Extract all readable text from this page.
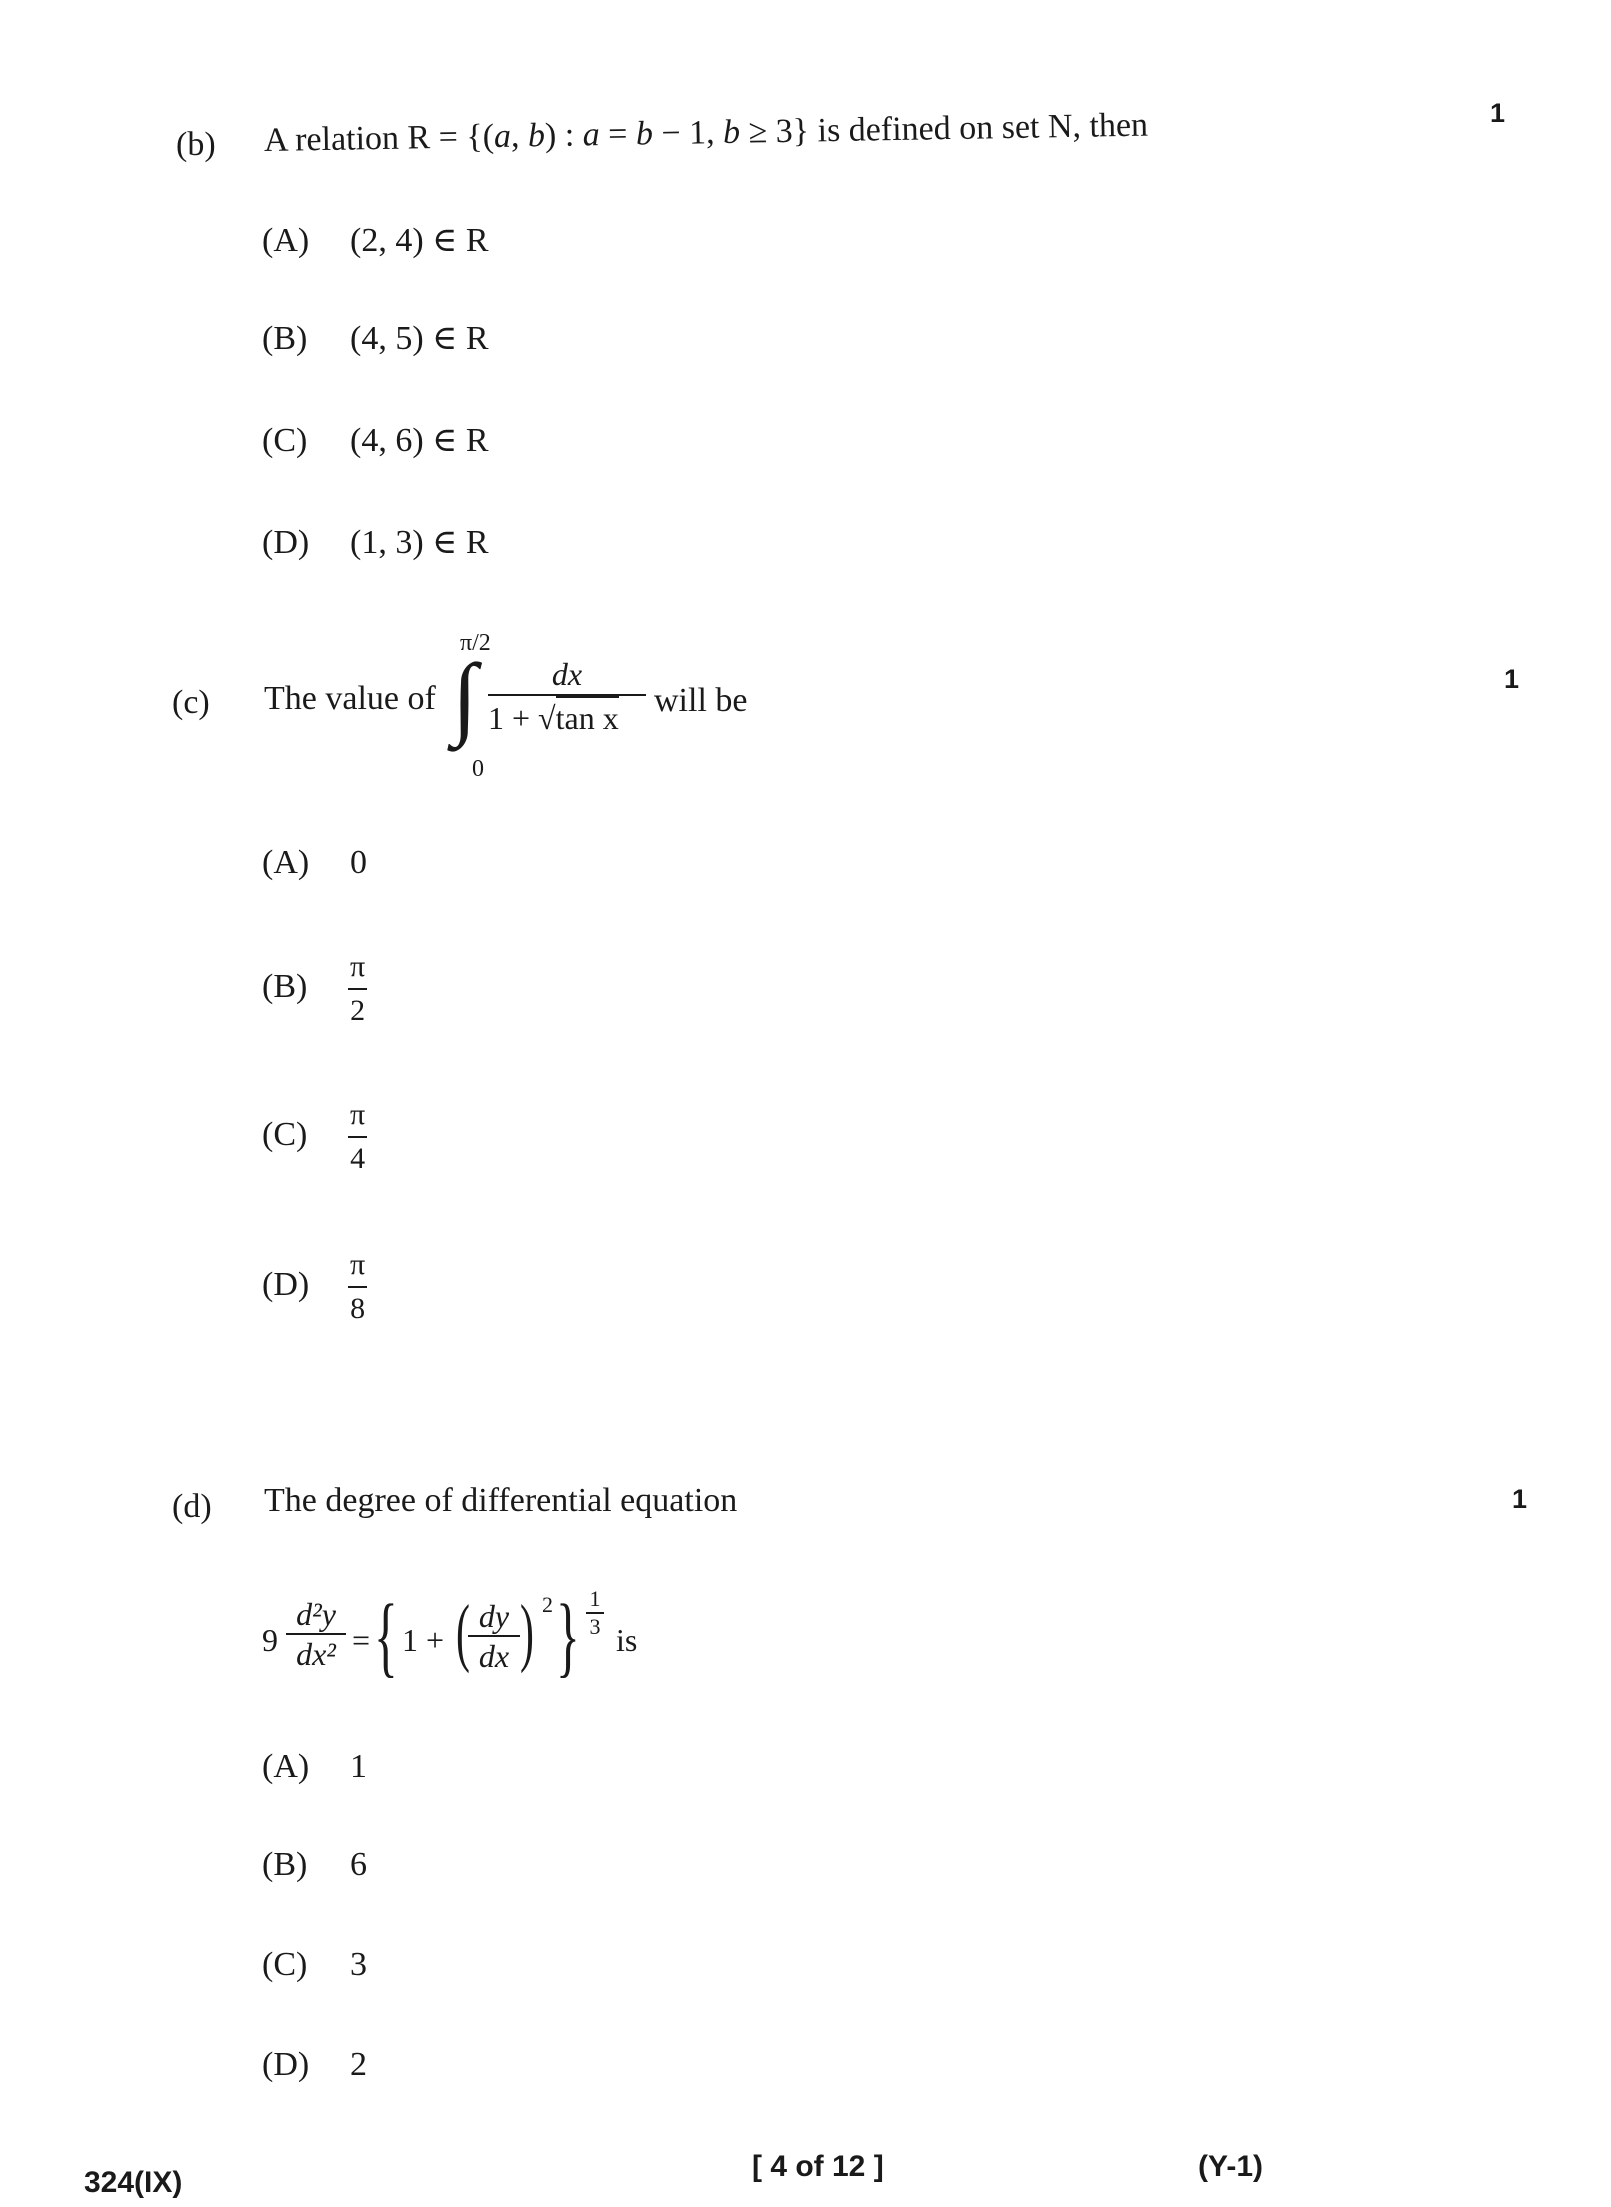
(b) A relation R = {(a, b) : a = b − 1, b ≥ 3} is defined on set N, then	1
(A) (2, 4) ∈ R
(B) (4, 5) ∈ R
(C) (4, 6) ∈ R
(D) (1, 3) ∈ R
(c)
1
The value of
π/2
∫
0
$\frac{dx}{\text{1 + √tan x}}$ will be
(A) 0
$(B) \frac{\pi}{2}$
$(C) \frac{\pi}{4}$
$(D) \frac{\pi}{8}$
(d) The degree of differential equation	1
$9 \frac{\text{d²y}}{\text{dx²}}$ = { 1 + (
$\frac{dy}{dx}$ ) 2 } $\frac{1}{3}$
is
(A) 1
(B) 6
(C) 3
(D) 2
324(IX)	[ 4 of 12 ]	(Y-1)
